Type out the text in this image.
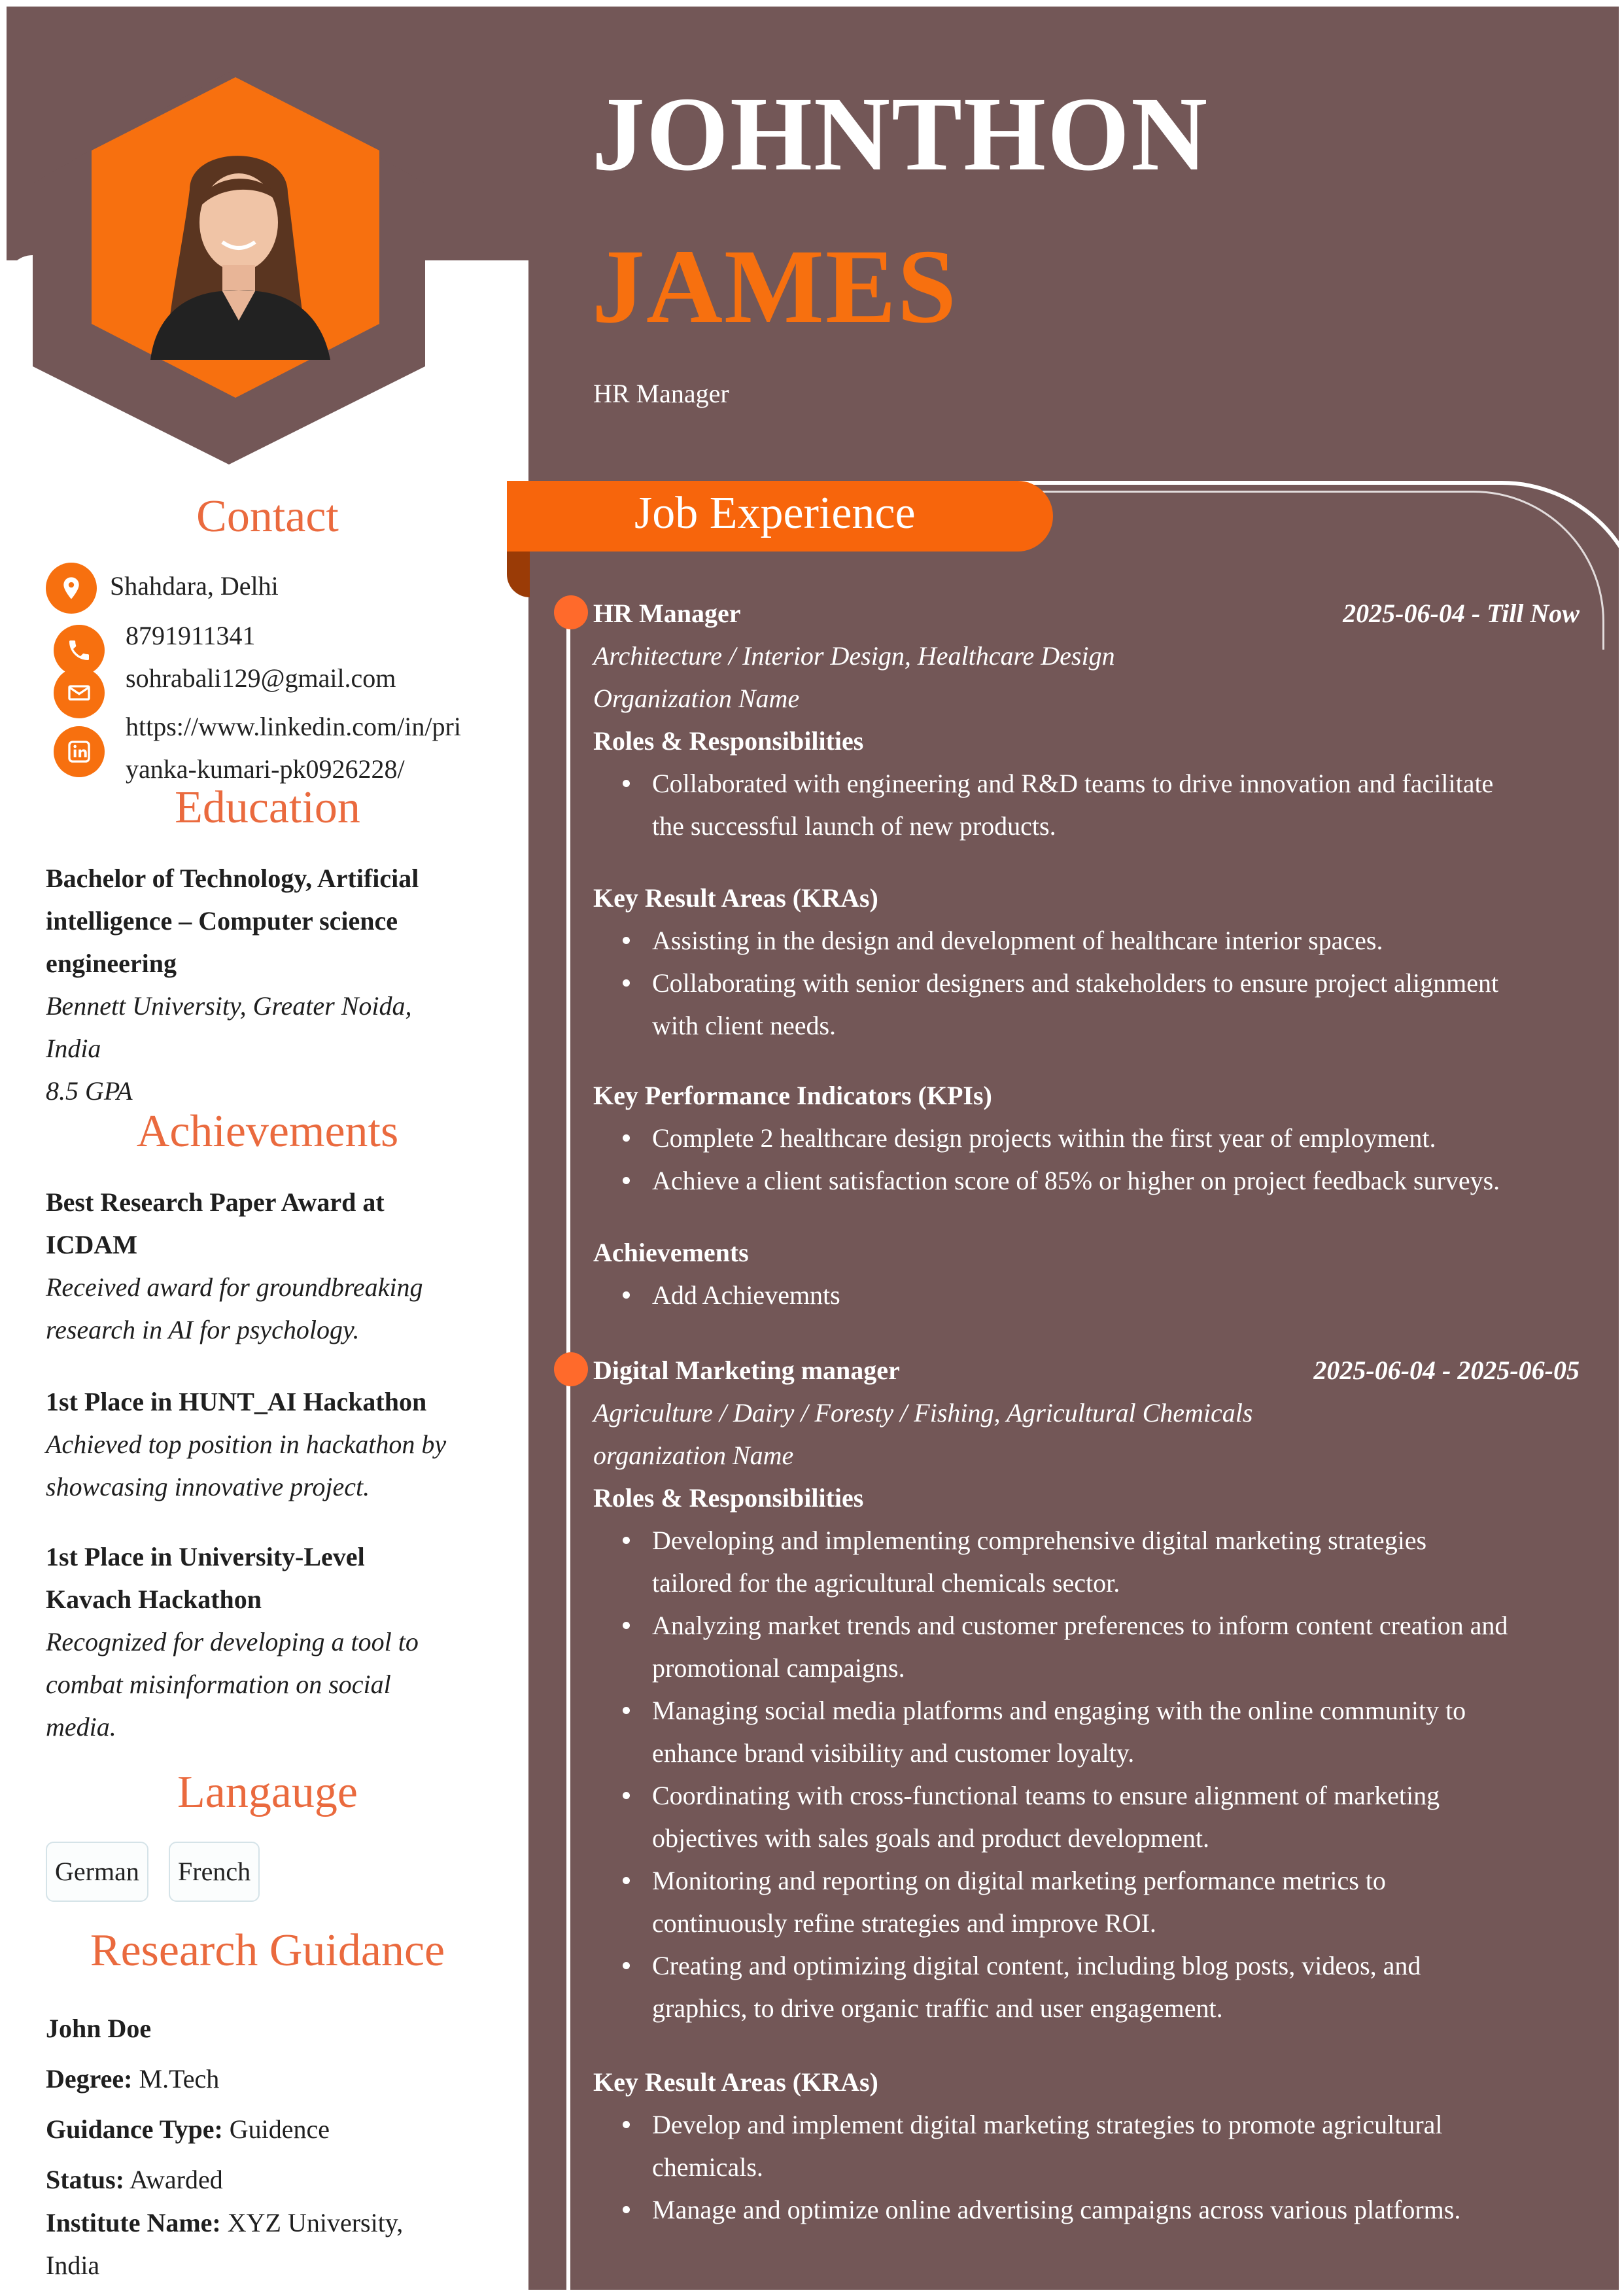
JOHNTHON
JAMES
HR Manager
Contact
Shahdara, Delhi
8791911341
sohrabali129@gmail.com
https://www.linkedin.com/in/pri
yanka-kumari-pk0926228/
Education
Bachelor of Technology, Artificial
intelligence – Computer science
engineering
Bennett University, Greater Noida,
India
8.5 GPA
Achievements
Best Research Paper Award at
ICDAM
Received award for groundbreaking
research in AI for psychology.
1st Place in HUNT_AI Hackathon
Achieved top position in hackathon by
showcasing innovative project.
1st Place in University-Level
Kavach Hackathon
Recognized for developing a tool to
combat misinformation on social
media.
Langauge
German	French
Research Guidance
John Doe
Degree: M.Tech
Guidance Type: Guidence
Status: Awarded
Institute Name: XYZ University,
India
Job Experience
HR Manager	2025-06-04 - Till Now
Architecture / Interior Design, Healthcare Design
Organization Name
Roles & Responsibilities
Collaborated with engineering and R&D teams to drive innovation and facilitate
the successful launch of new products.
Key Result Areas (KRAs)
Assisting in the design and development of healthcare interior spaces.
Collaborating with senior designers and stakeholders to ensure project alignment
with client needs.
Key Performance Indicators (KPIs)
Complete 2 healthcare design projects within the first year of employment.
Achieve a client satisfaction score of 85% or higher on project feedback surveys.
Achievements
Add Achievemnts
Digital Marketing manager	2025-06-04 - 2025-06-05
Agriculture / Dairy / Foresty / Fishing, Agricultural Chemicals
organization Name
Roles & Responsibilities
Developing and implementing comprehensive digital marketing strategies
tailored for the agricultural chemicals sector.
Analyzing market trends and customer preferences to inform content creation and
promotional campaigns.
Managing social media platforms and engaging with the online community to
enhance brand visibility and customer loyalty.
Coordinating with cross-functional teams to ensure alignment of marketing
objectives with sales goals and product development.
Monitoring and reporting on digital marketing performance metrics to
continuously refine strategies and improve ROI.
Creating and optimizing digital content, including blog posts, videos, and
graphics, to drive organic traffic and user engagement.
Key Result Areas (KRAs)
Develop and implement digital marketing strategies to promote agricultural
chemicals.
Manage and optimize online advertising campaigns across various platforms.
